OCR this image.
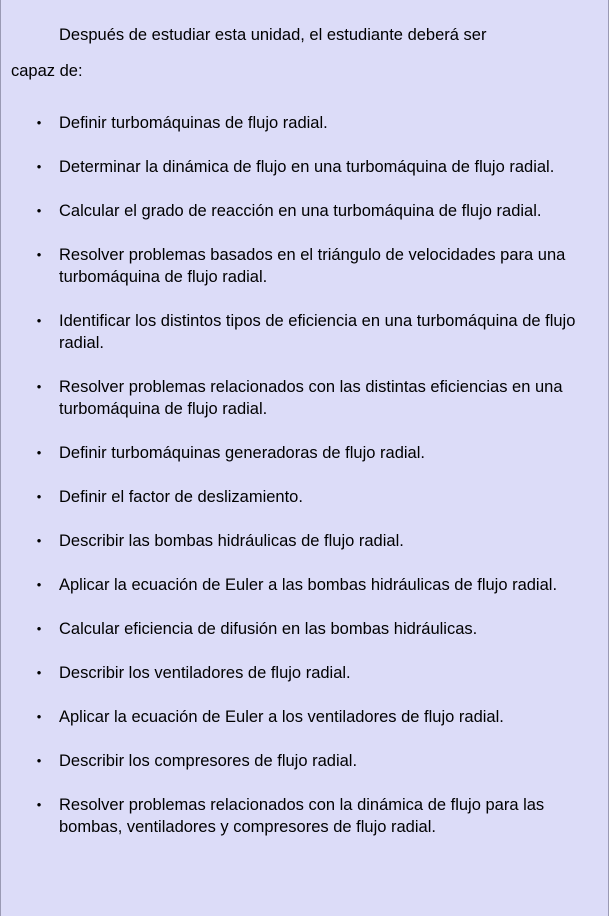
Después de estudiar esta unidad, el estudiante deberá ser
capaz de:
• Definir turbomáquinas de flujo radial.
• Determinar la dinámica de flujo en una turbomáquina de flujo radial.
• Calcular el grado de reacción en una turbomáquina de flujo radial.
• Resolver problemas basados en el triángulo de velocidades para una turbomáquina de flujo radial.
• Identificar los distintos tipos de eficiencia en una turbomáquina de flujo radial.
• Resolver problemas relacionados con las distintas eficiencias en una turbomáquina de flujo radial.
• Definir turbomáquinas generadoras de flujo radial.
• Definir el factor de deslizamiento.
• Describir las bombas hidráulicas de flujo radial.
• Aplicar la ecuación de Euler a las bombas hidráulicas de flujo radial.
• Calcular eficiencia de difusión en las bombas hidráulicas.
• Describir los ventiladores de flujo radial.
• Aplicar la ecuación de Euler a los ventiladores de flujo radial.
• Describir los compresores de flujo radial.
• Resolver problemas relacionados con la dinámica de flujo para las bombas, ventiladores y compresores de flujo radial.
